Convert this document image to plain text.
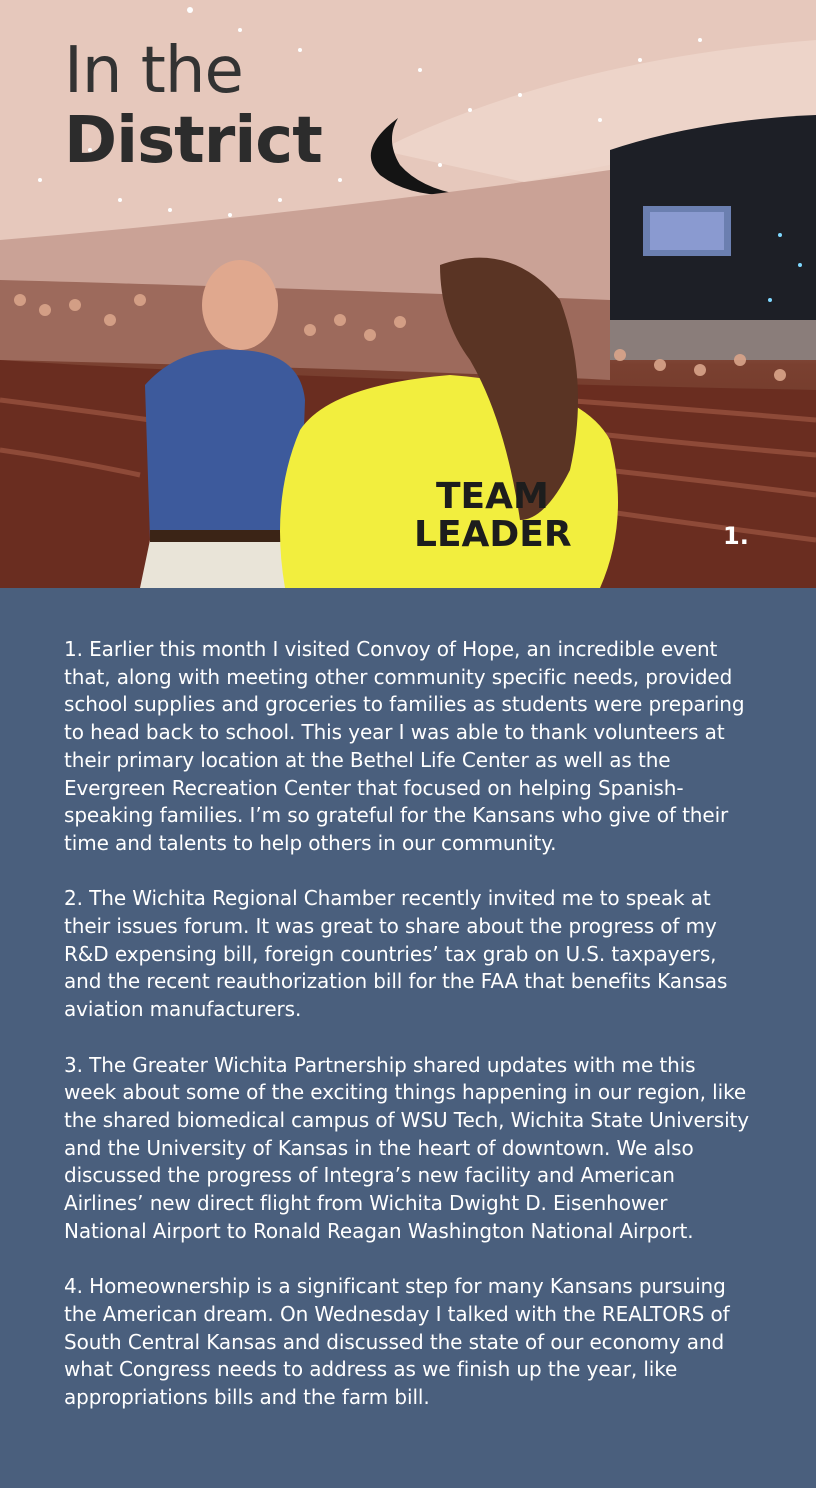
TEAM
LEADER
In the
District
1.

1. Earlier this month I visited Convoy of Hope, an incredible event that, along with meeting other community specific needs, provided school supplies and groceries to families as students were preparing to head back to school. This year I was able to thank volunteers at their primary location at the Bethel Life Center as well as the Evergreen Recreation Center that focused on helping Spanish-speaking families. I’m so grateful for the Kansans who give of their time and talents to help others in our community.

2. The Wichita Regional Chamber recently invited me to speak at their issues forum. It was great to share about the progress of my R&D expensing bill, foreign countries’ tax grab on U.S. taxpayers, and the recent reauthorization bill for the FAA that benefits Kansas aviation manufacturers.

3. The Greater Wichita Partnership shared updates with me this week about some of the exciting things happening in our region, like the shared biomedical campus of WSU Tech, Wichita State University and the University of Kansas in the heart of downtown. We also discussed the progress of Integra’s new facility and American Airlines’ new direct flight from Wichita Dwight D. Eisenhower National Airport to Ronald Reagan Washington National Airport.

4. Homeownership is a significant step for many Kansans pursuing the American dream. On Wednesday I talked with the REALTORS of South Central Kansas and discussed the state of our economy and what Congress needs to address as we finish up the year, like appropriations bills and the farm bill.
